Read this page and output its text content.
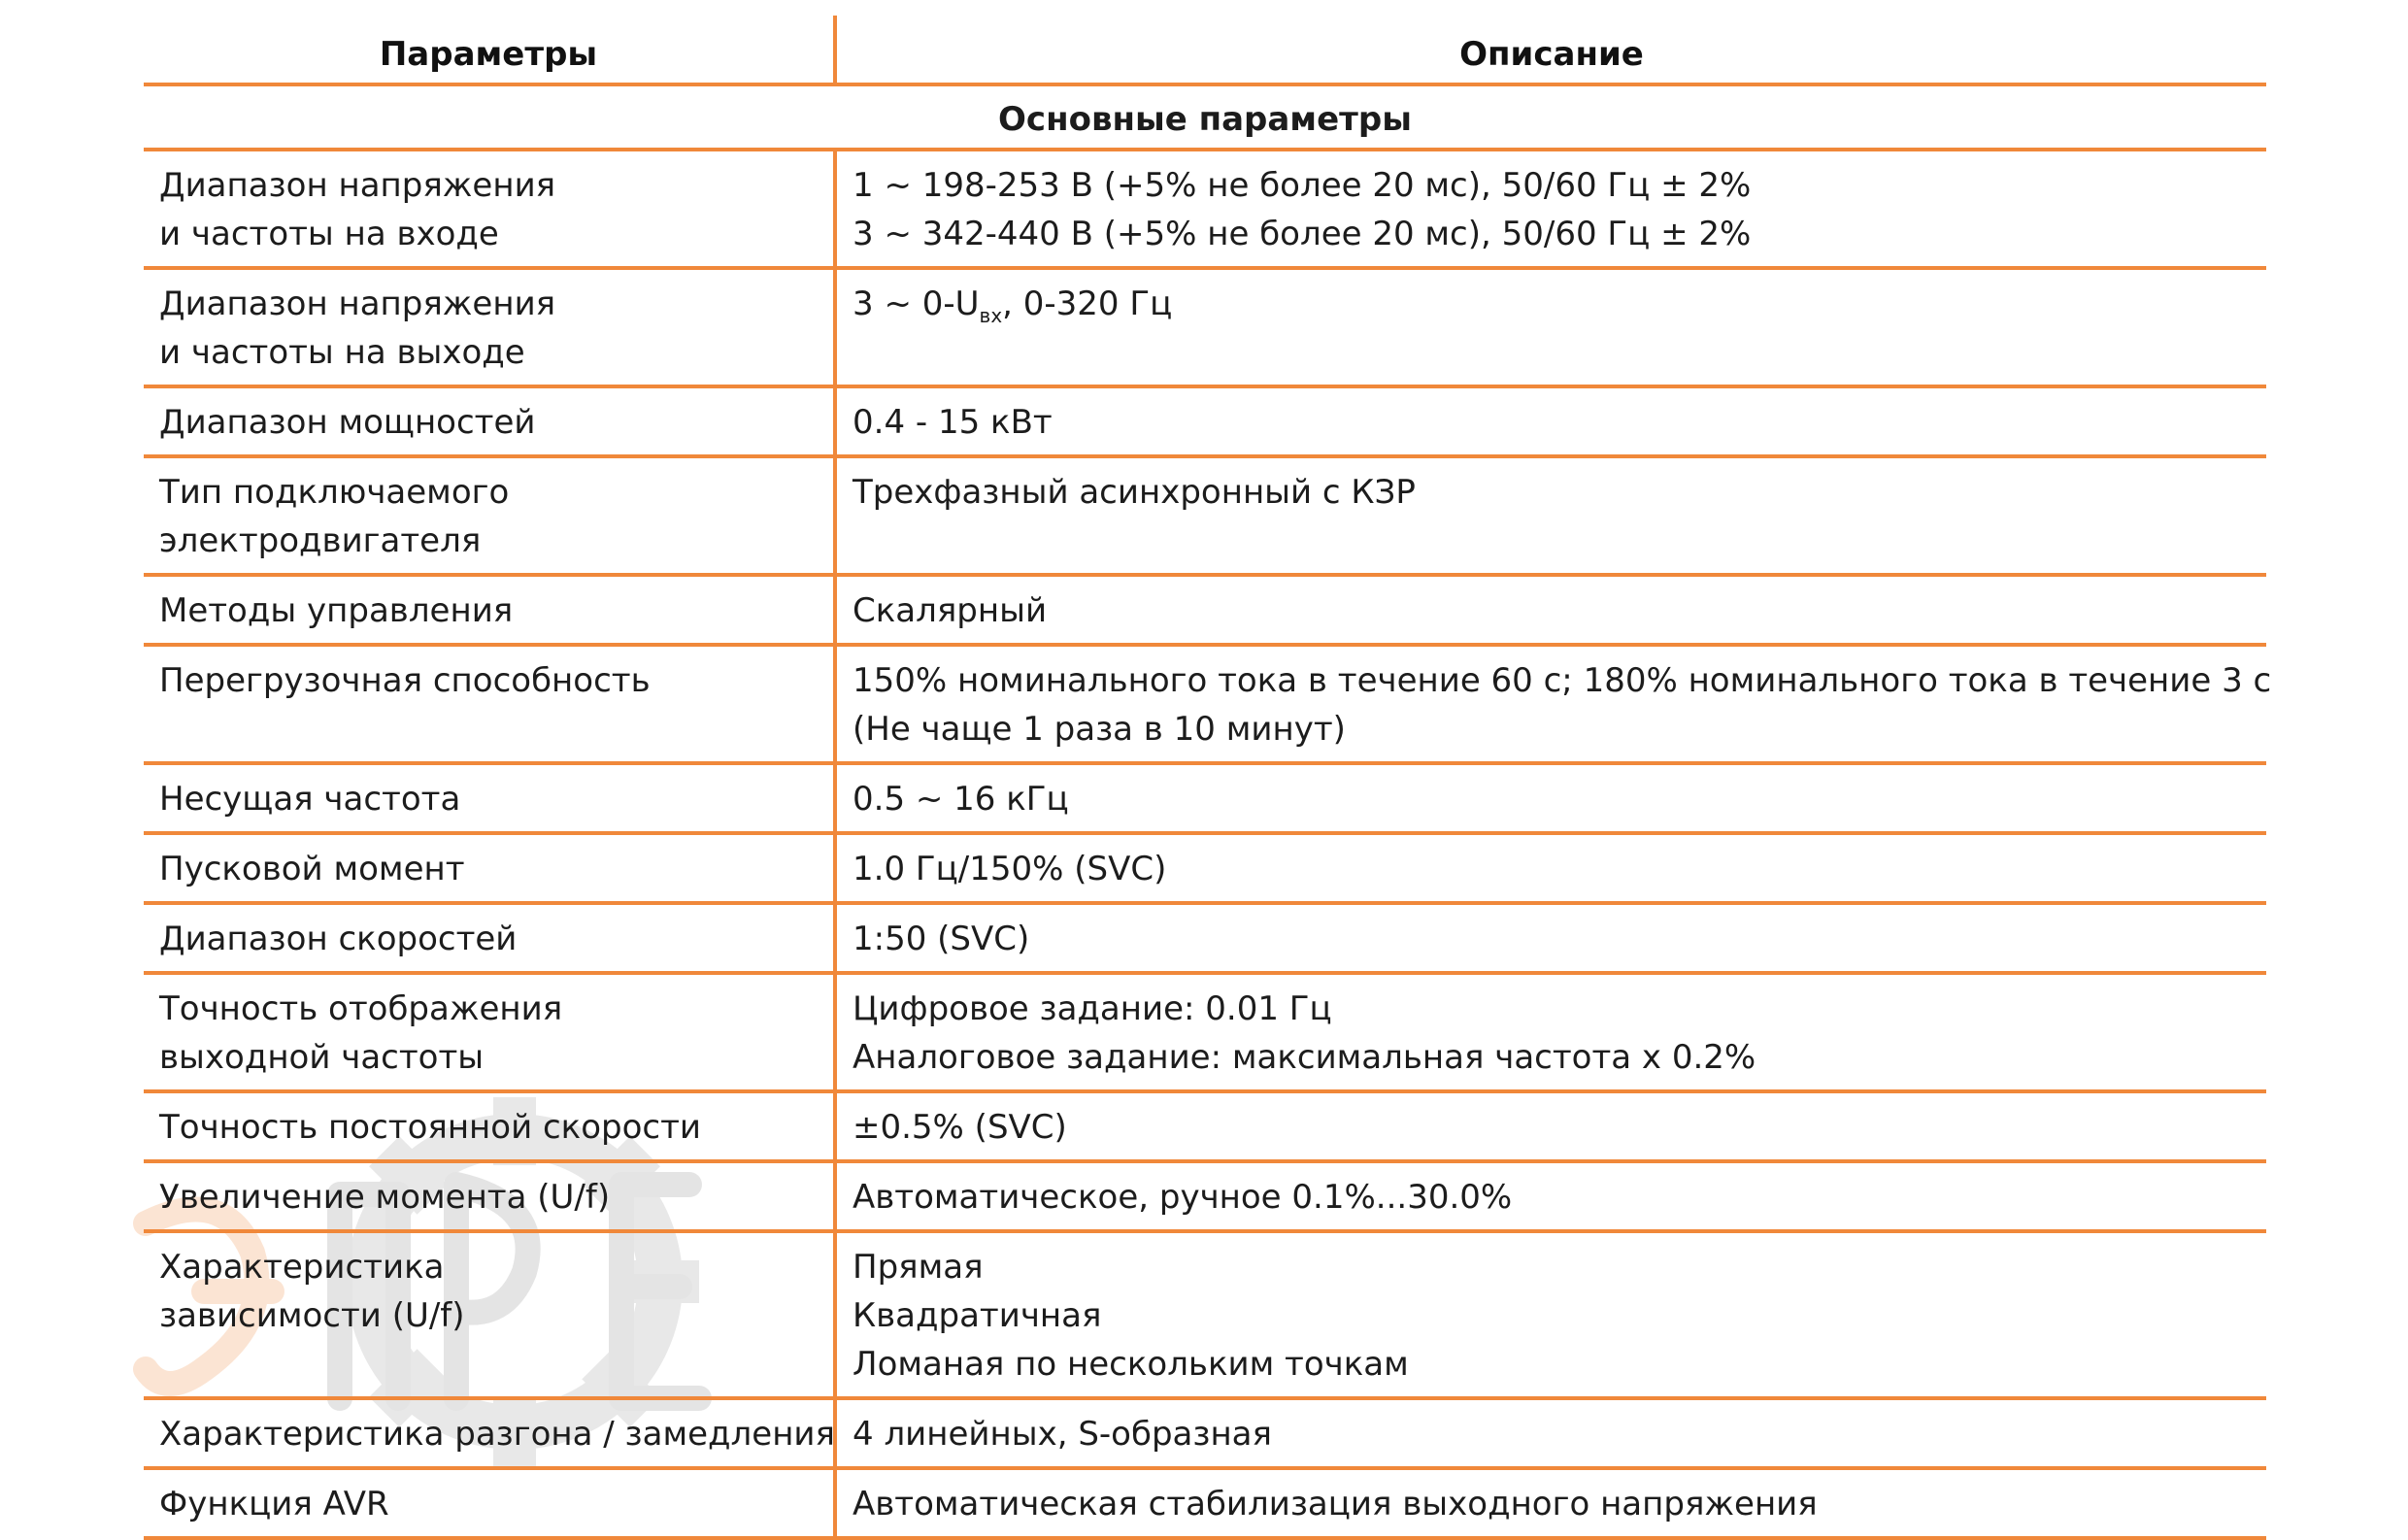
Параметры	Описание
Основные параметры	

Диапазон напряжения
и частоты на входе	1 ~ 198-253 В (+5% не более 20 мс), 50/60 Гц ± 2%
3 ~ 342-440 В (+5% не более 20 мс), 50/60 Гц ± 2%

Диапазон напряжения
и частоты на выходе	3 ~ $0-U_{вх}$, 0-320 Гц

Диапазон мощностей	0.4 - 15 кВт

Тип подключаемого
электродвигателя	Трехфазный асинхронный с КЗР

Методы управления	Скалярный

Перегрузочная способность	150% номинального тока в течение 60 с; 180% номинального тока в течение 3 с
(Не чаще 1 раза в 10 минут)

Несущая частота	0.5 ~ 16 кГц

Пусковой момент	1.0 Гц/150% (SVC)

Диапазон скоростей	1:50 (SVC)

Точность отображения
выходной частоты	Цифровое задание: 0.01 Гц
Аналоговое задание: максимальная частота x 0.2%

Точность постоянной скорости	±0.5% (SVC)

Увеличение момента (U/f)	Автоматическое, ручное 0.1%...30.0%

Характеристика
зависимости (U/f)	Прямая
Квадратичная
Ломаная по нескольким точкам

Характеристика разгона / замедления	4 линейных, S-образная

Функция AVR	Автоматическая стабилизация выходного напряжения
